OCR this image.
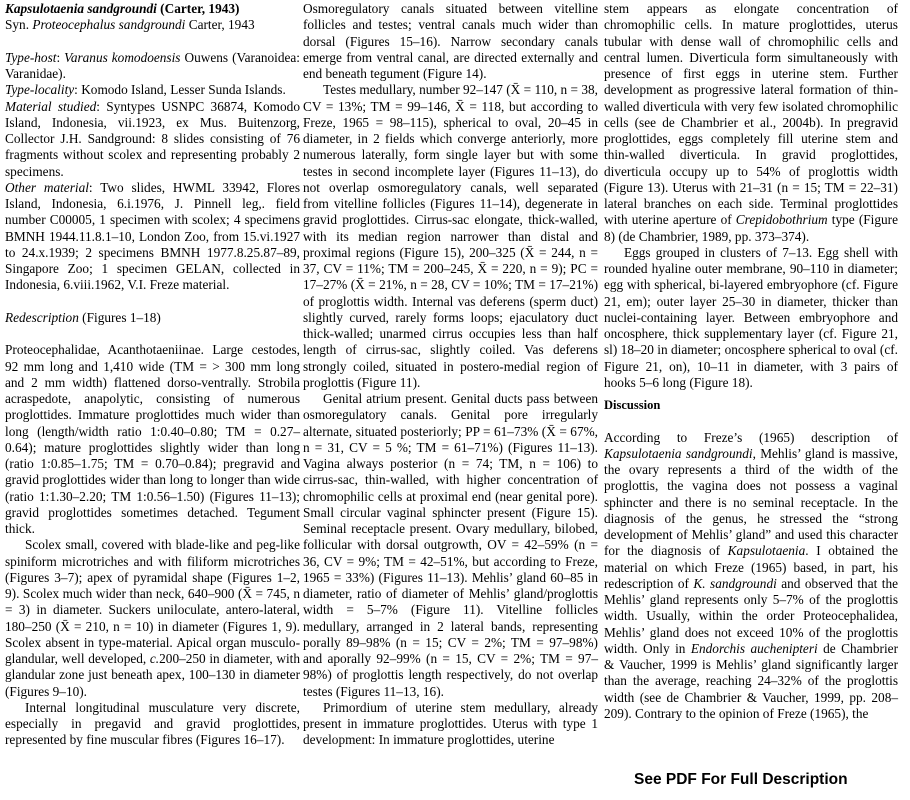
Kapsulotaenia sandgroundi (Carter, 1943)

Syn. Proteocephalus sandgroundi Carter, 1943

Type-host: Varanus komodoensis Ouwens (Varanoidea: Varanidae).

Type-locality: Komodo Island, Lesser Sunda Islands.

Material studied: Syntypes USNPC 36874, Komodo Island, Indonesia, vii.1923, ex Mus. Buitenzorg, Collector J.H. Sandground: 8 slides consisting of 76 fragments without scolex and representing probably 2 specimens.

Other material: Two slides, HWML 33942, Flores Island, Indonesia, 6.i.1976, J. Pinnell leg,. field number C00005, 1 specimen with scolex; 4 specimens BMNH 1944.11.8.1–10, London Zoo, from 15.vi.1927 to 24.x.1939; 2 specimens BMNH 1977.8.25.87–89, Singapore Zoo; 1 specimen GELAN, collected in Indonesia, 6.viii.1962, V.I. Freze material.

Redescription (Figures 1–18)

Proteocephalidae, Acanthotaeniinae. Large cestodes, 92 mm long and 1,410 wide (TM = > 300 mm long and 2 mm width) flattened dorso-ventrally. Strobila acraspedote, anapolytic, consisting of numerous proglottides. Immature proglottides much wider than long (length/width ratio 1:0.40–0.80; TM = 0.27–0.64); mature proglottides slightly wider than long (ratio 1:0.85–1.75; TM = 0.70–0.84); pregravid and gravid proglottides wider than long to longer than wide (ratio 1:1.30–2.20; TM 1:0.56–1.50) (Figures 11–13); gravid proglottides sometimes detached. Tegument thick.

Scolex small, covered with blade-like and peg-like spiniform microtriches and with filiform microtriches (Figures 3–7); apex of pyramidal shape (Figures 1–2, 9). Scolex much wider than neck, 640–900 (X̄ = 745, n = 3) in diameter. Suckers uniloculate, antero-lateral, 180–250 (X̄ = 210, n = 10) in diameter (Figures 1, 9). Scolex absent in type-material. Apical organ musculo-glandular, well developed, c.200–250 in diameter, with glandular zone just beneath apex, 100–130 in diameter (Figures 9–10).

Internal longitudinal musculature very discrete, especially in pregavid and gravid proglottides, represented by fine muscular fibres (Figures 16–17).

Osmoregulatory canals situated between vitelline follicles and testes; ventral canals much wider than dorsal (Figures 15–16). Narrow secondary canals emerge from ventral canal, are directed externally and end beneath tegument (Figure 14).

Testes medullary, number 92–147 (X̄ = 110, n = 38, CV = 13%; TM = 99–146, X̄ = 118, but according to Freze, 1965 = 98–115), spherical to oval, 20–45 in diameter, in 2 fields which converge anteriorly, more numerous laterally, form single layer but with some testes in second incomplete layer (Figures 11–13), do not overlap osmoregulatory canals, well separated from vitelline follicles (Figures 11–14), degenerate in gravid proglottides. Cirrus-sac elongate, thick-walled, with its median region narrower than distal and proximal regions (Figure 15), 200–325 (X̄ = 244, n = 37, CV = 11%; TM = 200–245, X̄ = 220, n = 9); PC = 17–27% (X̄ = 21%, n = 28, CV = 10%; TM = 17–21%) of proglottis width. Internal vas deferens (sperm duct) slightly curved, rarely forms loops; ejaculatory duct thick-walled; unarmed cirrus occupies less than half length of cirrus-sac, slightly coiled. Vas deferens strongly coiled, situated in postero-medial region of proglottis (Figure 11).

Genital atrium present. Genital ducts pass between osmoregulatory canals. Genital pore irregularly alternate, situated posteriorly; PP = 61–73% (X̄ = 67%, n = 31, CV = 5 %; TM = 61–71%) (Figures 11–13). Vagina always posterior (n = 74; TM, n = 106) to cirrus-sac, thin-walled, with higher concentration of chromophilic cells at proximal end (near genital pore). Small circular vaginal sphincter present (Figure 15). Seminal receptacle present. Ovary medullary, bilobed, follicular with dorsal outgrowth, OV = 42–59% (n = 36, CV = 9%; TM = 42–51%, but according to Freze, 1965 = 33%) (Figures 11–13). Mehlis’ gland 60–85 in diameter, ratio of diameter of Mehlis’ gland/proglottis width = 5–7% (Figure 11). Vitelline follicles medullary, arranged in 2 lateral bands, representing porally 89–98% (n = 15; CV = 2%; TM = 97–98%) and aporally 92–99% (n = 15, CV = 2%; TM = 97–98%) of proglottis length respectively, do not overlap testes (Figures 11–13, 16).

Primordium of uterine stem medullary, already present in immature proglottides. Uterus with type 1 development: In immature proglottides, uterine

stem appears as elongate concentration of chromophilic cells. In mature proglottides, uterus tubular with dense wall of chromophilic cells and central lumen. Diverticula form simultaneously with presence of first eggs in uterine stem. Further development as progressive lateral formation of thin-walled diverticula with very few isolated chromophilic cells (see de Chambrier et al., 2004b). In pregravid proglottides, eggs completely fill uterine stem and thin-walled diverticula. In gravid proglottides, diverticula occupy up to 54% of proglottis width (Figure 13). Uterus with 21–31 (n = 15; TM = 22–31) lateral branches on each side. Terminal proglottides with uterine aperture of Crepidobothrium type (Figure 8) (de Chambrier, 1989, pp. 373–374).

Eggs grouped in clusters of 7–13. Egg shell with rounded hyaline outer membrane, 90–110 in diameter; egg with spherical, bi-layered embryophore (cf. Figure 21, em); outer layer 25–30 in diameter, thicker than nuclei-containing layer. Between embryophore and oncosphere, thick supplementary layer (cf. Figure 21, sl) 18–20 in diameter; oncosphere spherical to oval (cf. Figure 21, on), 10–11 in diameter, with 3 pairs of hooks 5–6 long (Figure 18).

Discussion

According to Freze’s (1965) description of Kapsulotaenia sandgroundi, Mehlis’ gland is massive, the ovary represents a third of the width of the proglottis, the vagina does not possess a vaginal sphincter and there is no seminal receptacle. In the diagnosis of the genus, he stressed the “strong development of Mehlis’ gland” and used this character for the diagnosis of Kapsulotaenia. I obtained the material on which Freze (1965) based, in part, his redescription of K. sandgroundi and observed that the Mehlis’ gland represents only 5–7% of the proglottis width. Usually, within the order Proteocephalidea, Mehlis’ gland does not exceed 10% of the proglottis width. Only in Endorchis auchenipteri de Chambrier & Vaucher, 1999 is Mehlis’ gland significantly larger than the average, reaching 24–32% of the proglottis width (see de Chambrier & Vaucher, 1999, pp. 208–209). Contrary to the opinion of Freze (1965), the

See PDF For Full Description
